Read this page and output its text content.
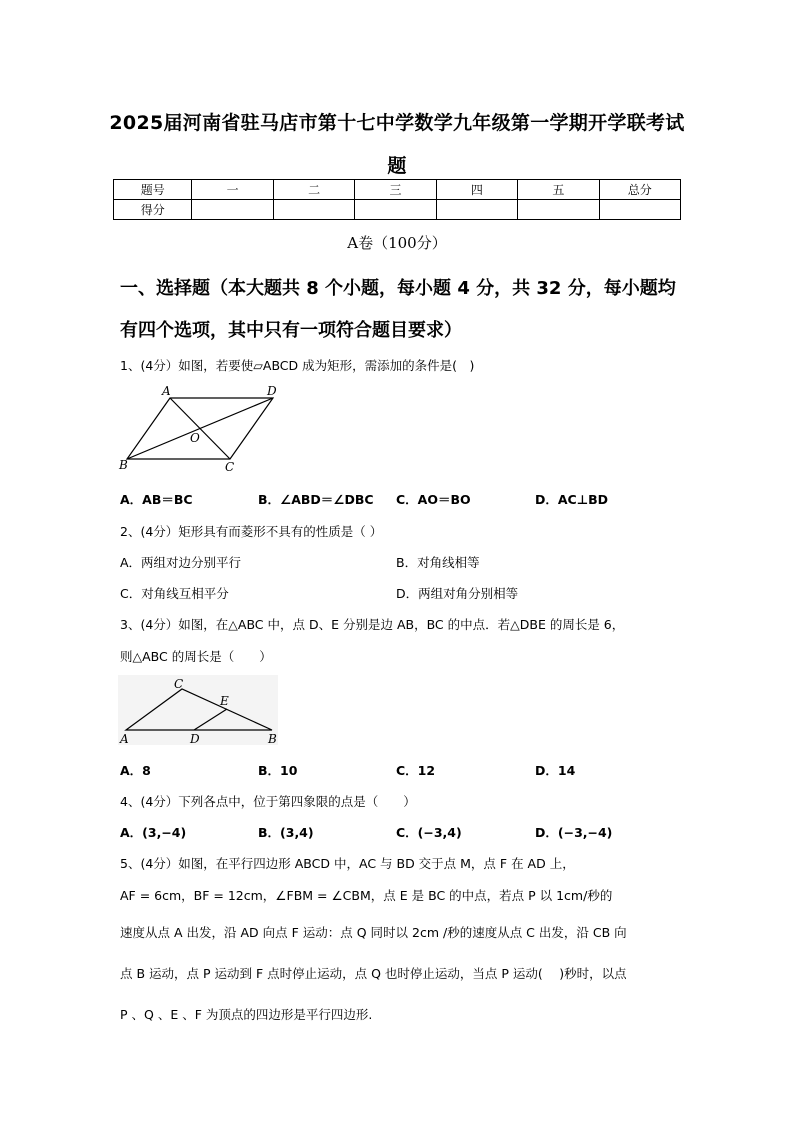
2025届河南省驻马店市第十七中学数学九年级第一学期开学联考试
题
题号	一	二	三	四	五	总分
得分						
A卷（100分）
一、选择题（本大题共 8 个小题，每小题 4 分，共 32 分，每小题均
有四个选项，其中只有一项符合题目要求）
1、(4分）如图，若要使▱ABCD 成为矩形，需添加的条件是(　)
A	D
O
B	C
A．AB＝BC	B．∠ABD＝∠DBC C．AO＝BO	D．AC⊥BD
2、(4分）矩形具有而菱形不具有的性质是（ ）
A．两组对边分别平行	B．对角线相等
C．对角线互相平分	D．两组对角分别相等
3、(4分）如图，在△ABC 中，点 D、E 分别是边 AB，BC 的中点．若△DBE 的周长是 6，
则△ABC 的周长是（　　）
C
E
A	D	B
A．8	B．10	C．12	D．14
4、(4分）下列各点中，位于第四象限的点是（　　）
A．(3,−4)	B．(3,4)	C．(−3,4)	D．(−3,−4)
5、(4分）如图，在平行四边形 ABCD 中，AC 与 BD 交于点 M，点 F 在 AD 上，
AF = 6cm，BF = 12cm，∠FBM = ∠CBM，点 E 是 BC 的中点，若点 P 以 1cm/秒的
速度从点 A 出发，沿 AD 向点 F 运动：点 Q 同时以 2cm /秒的速度从点 C 出发，沿 CB 向
点 B 运动，点 P 运动到 F 点时停止运动，点 Q 也时停止运动，当点 P 运动(　 )秒时，以点
P 、Q 、E 、F 为顶点的四边形是平行四边形.
